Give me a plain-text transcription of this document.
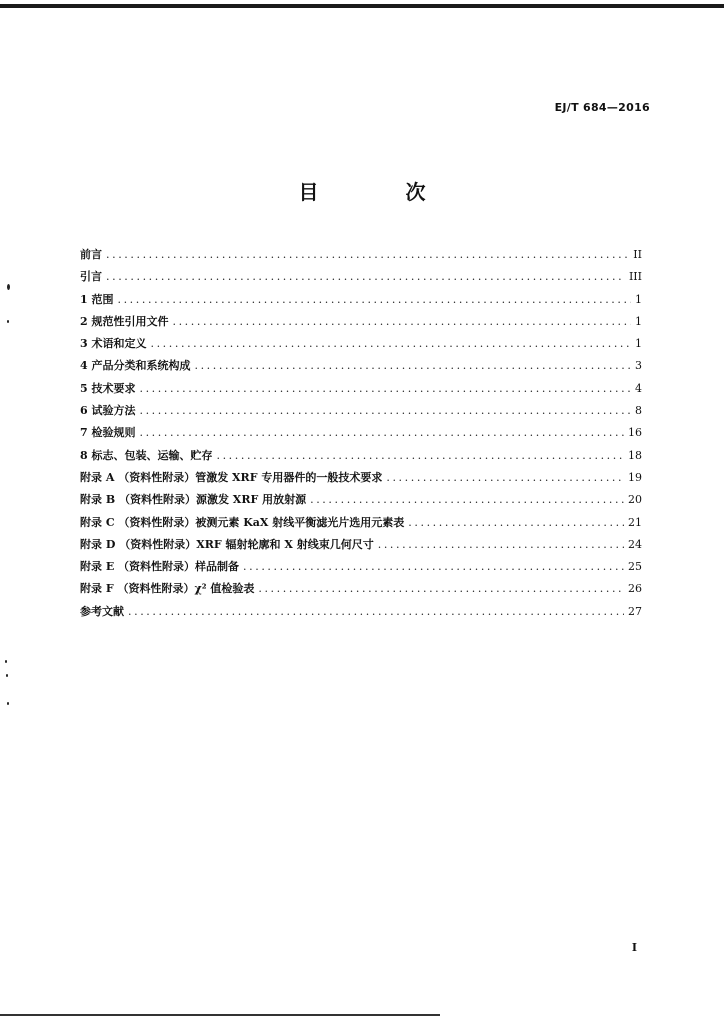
EJ/T 684—2016
目 次
前言 .....	II
引言 .....	III
1 范围 .....	1
2 规范性引用文件 .....	1
3 术语和定义 .....	1
4 产品分类和系统构成 .....	3
5 技术要求 .....	4
6 试验方法 .....	8
7 检验规则 .....	16
8 标志、包装、运输、贮存 .....	18
附录 A （资料性附录）管激发 XRF 专用器件的一般技术要求 .....	19
附录 B （资料性附录）源激发 XRF 用放射源 .....	20
附录 C （资料性附录）被测元素 KaX 射线平衡滤光片选用元素表 .....	21
附录 D （资料性附录）XRF 辐射轮廓和 X 射线束几何尺寸 .....	24
附录 E （资料性附录）样品制备 .....	25
附录 F （资料性附录）χ² 值检验表 .....	26
参考文献 .....	27
I
